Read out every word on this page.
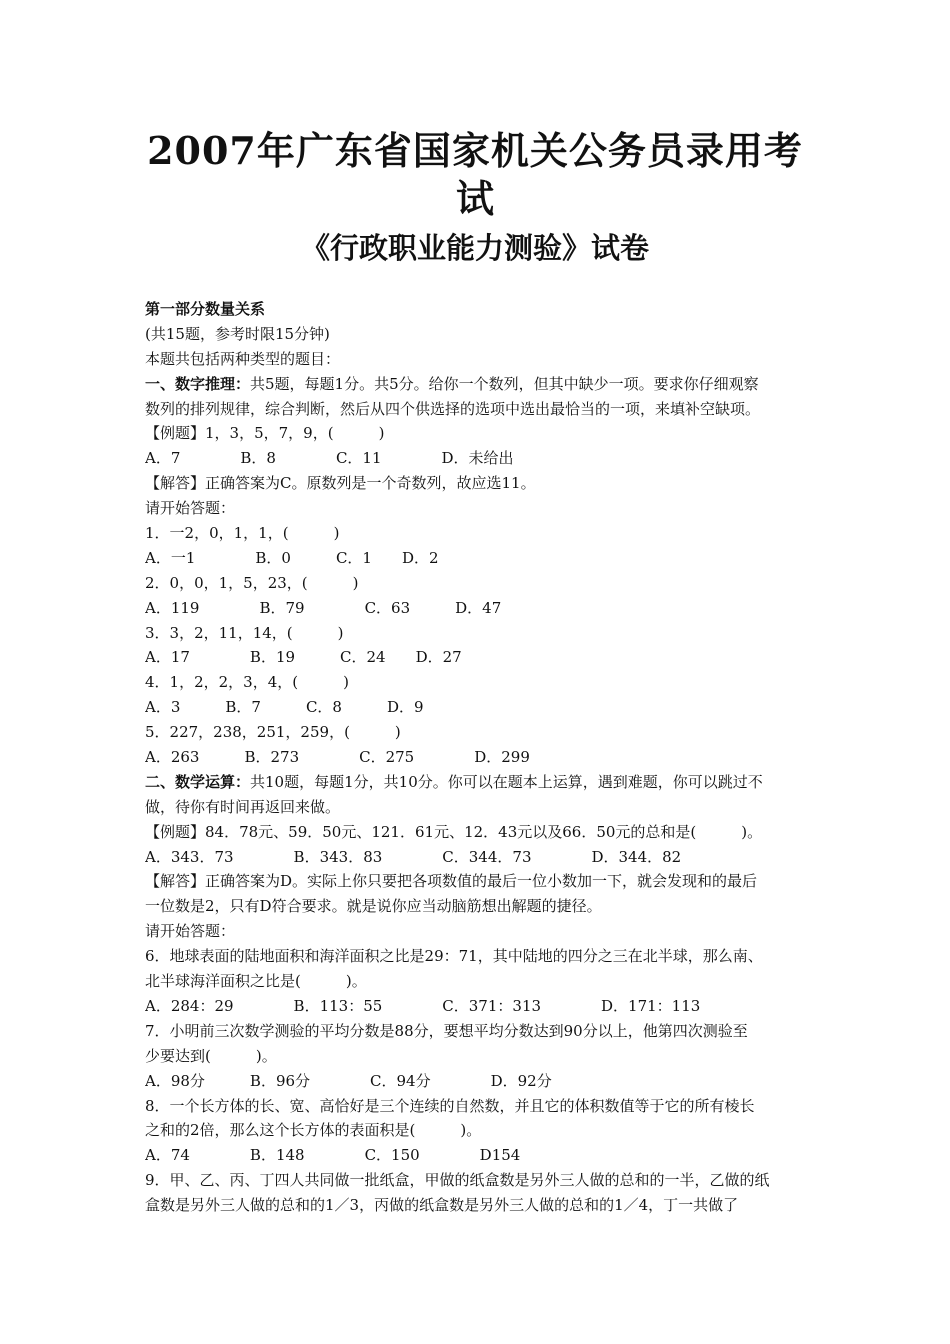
2007年广东省国家机关公务员录用考
试
《行政职业能力测验》试卷
第一部分数量关系
(共15题，参考时限15分钟)
本题共包括两种类型的题目：
一、数字推理：共5题，每题1分。共5分。给你一个数列，但其中缺少一项。要求你仔细观察
数列的排列规律，综合判断，然后从四个供选择的选项中选出最恰当的一项，来填补空缺项。
【例题】1，3，5，7，9，(　　　)
A．7　　　　B．8　　　　C．11　　　　D．未给出
【解答】正确答案为C。原数列是一个奇数列，故应选11。
请开始答题：
1．一2，0，1，1，(　　　)
A．一1　　　　B．0　　　C．1　　D．2
2．0，0，1，5，23，(　　　)
A．119　　　　B．79　　　　C．63　　　D．47
3．3，2，11，14，(　　　)
A．17　　　　B．19　　　C．24　　D．27
4．1，2，2，3，4，(　　　)
A．3　　　B．7　　　C．8　　　D．9
5．227，238，251，259，(　　　)
A．263　　　B．273　　　　C．275　　　　D．299
二、数学运算：共10题，每题1分，共10分。你可以在题本上运算，遇到难题，你可以跳过不
做，待你有时间再返回来做。
【例题】84．78元、59．50元、121．61元、12．43元以及66．50元的总和是(　　　)。
A．343．73　　　　B．343．83　　　　C．344．73　　　　D．344．82
【解答】正确答案为D。实际上你只要把各项数值的最后一位小数加一下，就会发现和的最后
一位数是2，只有D符合要求。就是说你应当动脑筋想出解题的捷径。
请开始答题：
6．地球表面的陆地面积和海洋面积之比是29：71，其中陆地的四分之三在北半球，那么南、
北半球海洋面积之比是(　　　)。
A．284：29　　　　B．113：55　　　　C．371：313　　　　D．171：113
7．小明前三次数学测验的平均分数是88分，要想平均分数达到90分以上，他第四次测验至
少要达到(　　　)。
A．98分　　　B．96分　　　　C．94分　　　　D．92分
8．一个长方体的长、宽、高恰好是三个连续的自然数，并且它的体积数值等于它的所有棱长
之和的2倍，那么这个长方体的表面积是(　　　)。
A．74　　　　B．148　　　　C．150　　　　D154
9．甲、乙、丙、丁四人共同做一批纸盒，甲做的纸盒数是另外三人做的总和的一半，乙做的纸
盒数是另外三人做的总和的1／3，丙做的纸盒数是另外三人做的总和的1／4，丁一共做了
